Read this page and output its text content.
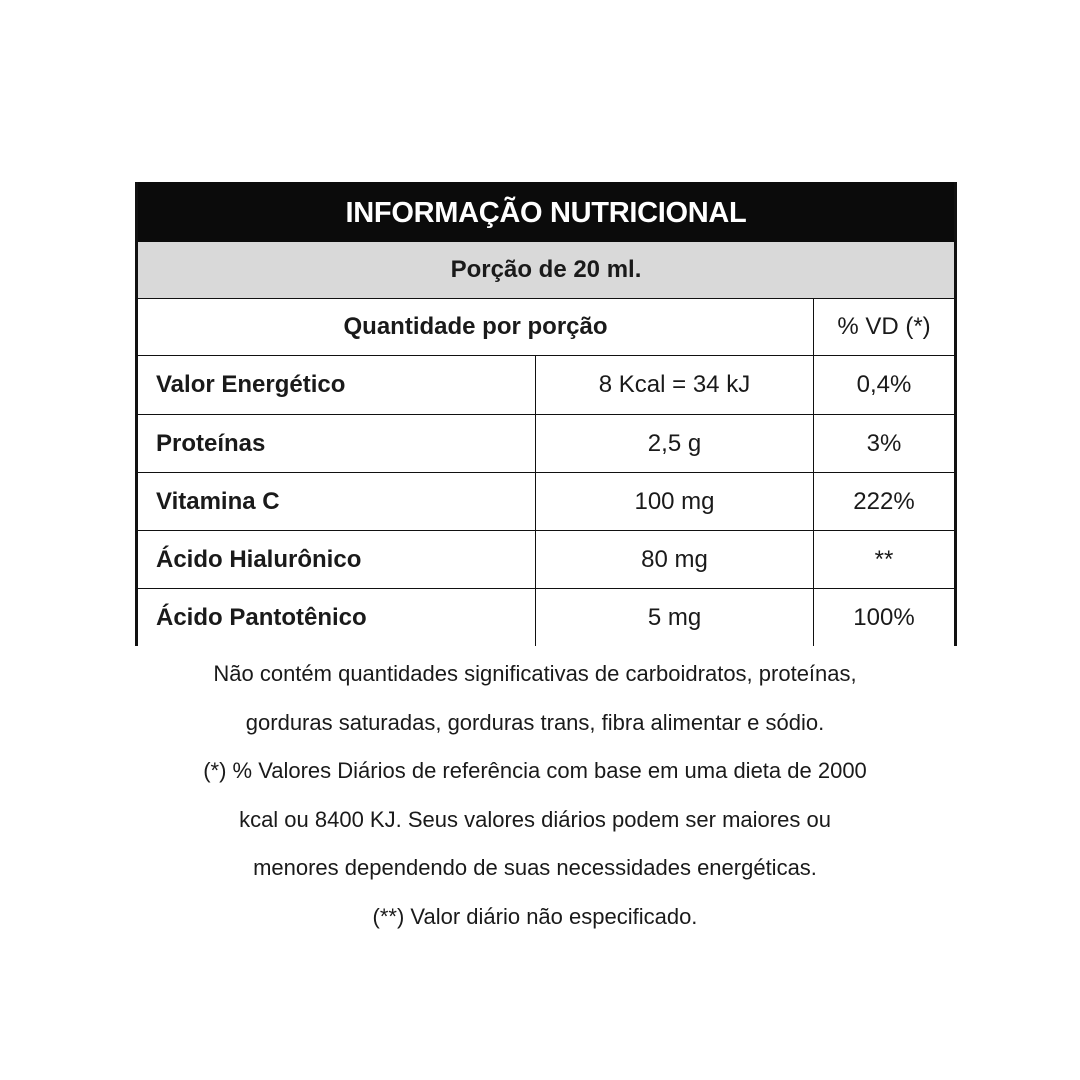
INFORMAÇÃO NUTRICIONAL
Porção de 20 ml.
Quantidade por porção	% VD (*)
Valor Energético	8 Kcal = 34 kJ	0,4%
Proteínas	2,5 g	3%
Vitamina C	100 mg	222%
Ácido Hialurônico	80 mg	**
Ácido Pantotênico	5 mg	100%
Não contém quantidades significativas de carboidratos, proteínas,
gorduras saturadas, gorduras trans, fibra alimentar e sódio.
(*) % Valores Diários de referência com base em uma dieta de 2000
kcal ou 8400 KJ. Seus valores diários podem ser maiores ou
menores dependendo de suas necessidades energéticas.
(**) Valor diário não especificado.
